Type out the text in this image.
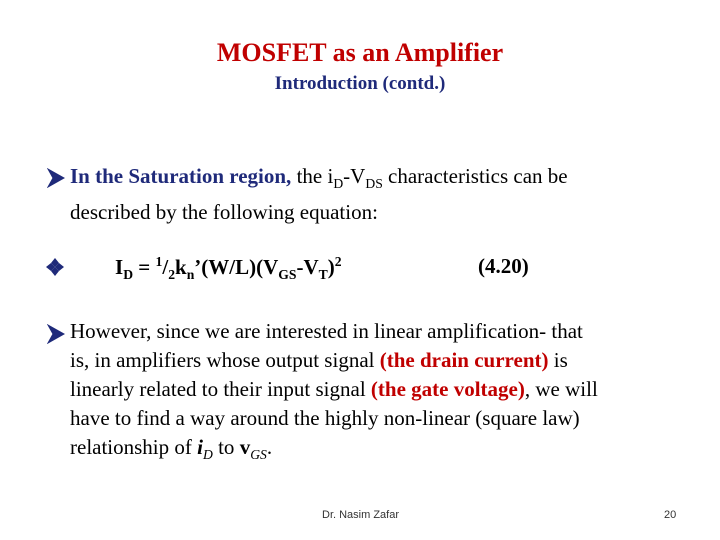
MOSFET as an Amplifier
Introduction (contd.)
In the Saturation region, the $i_D-V_{DS}$ characteristics can be
described by the following equation:
$I_D$ = $^1/_2k_n’(W/L)(V_{GS}-V_T)^2$	(4.20)
However, since we are interested in linear amplification- that
is, in amplifiers whose output signal (the drain current) is
linearly related to their input signal (the gate voltage), we will
have to find a way around the highly non-linear (square law)
relationship of $i_D$ to $v_{GS}$.
Dr. Nasim Zafar	20
